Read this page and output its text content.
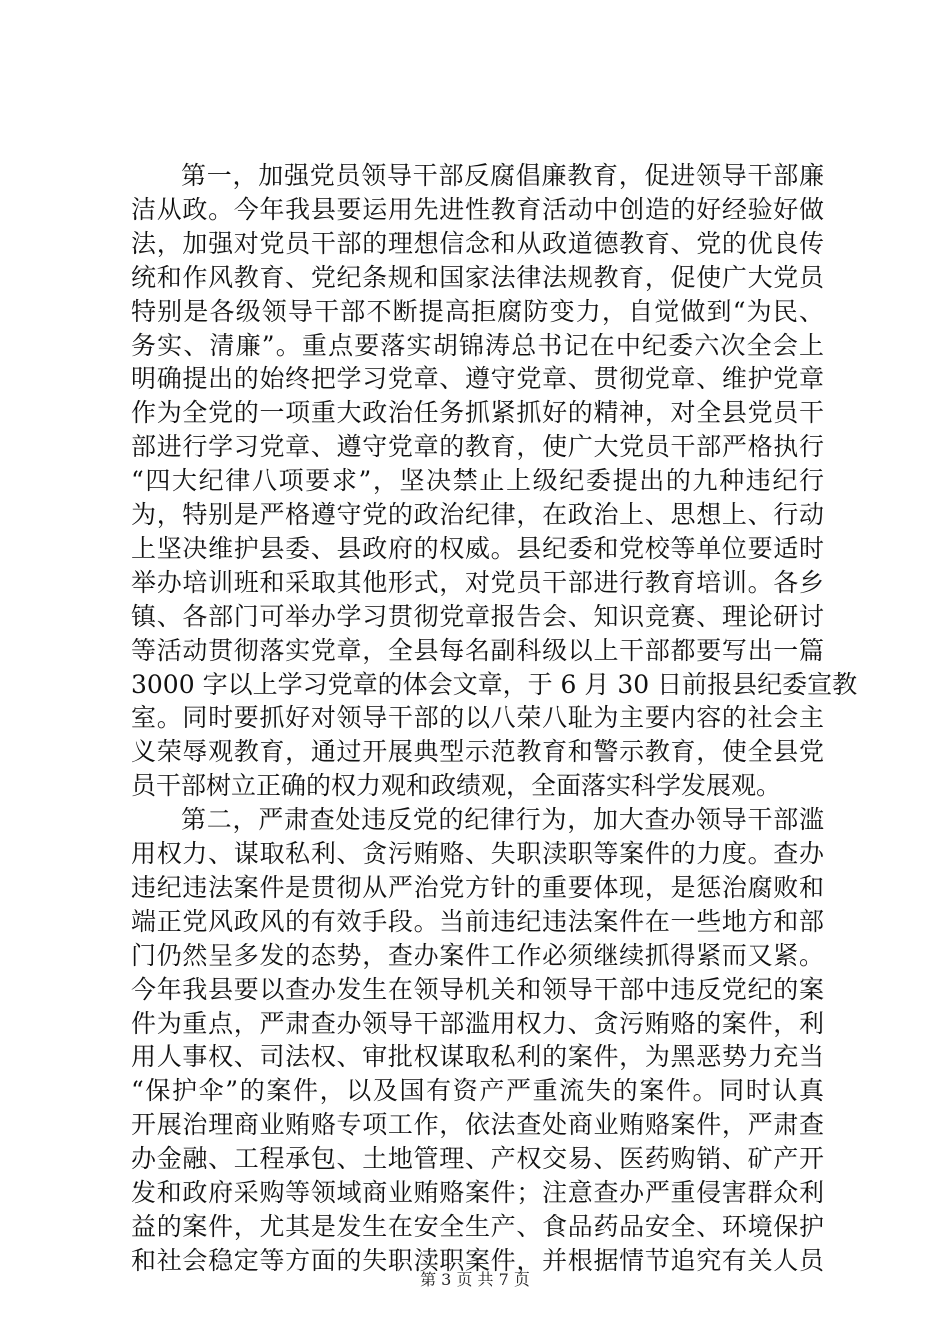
第一，加强党员领导干部反腐倡廉教育，促进领导干部廉

洁从政。今年我县要运用先进性教育活动中创造的好经验好做

法，加强对党员干部的理想信念和从政道德教育、党的优良传

统和作风教育、党纪条规和国家法律法规教育，促使广大党员

特别是各级领导干部不断提高拒腐防变力，自觉做到“为民、

务实、清廉”。重点要落实胡锦涛总书记在中纪委六次全会上

明确提出的始终把学习党章、遵守党章、贯彻党章、维护党章

作为全党的一项重大政治任务抓紧抓好的精神，对全县党员干

部进行学习党章、遵守党章的教育，使广大党员干部严格执行

“四大纪律八项要求”，坚决禁止上级纪委提出的九种违纪行

为，特别是严格遵守党的政治纪律，在政治上、思想上、行动

上坚决维护县委、县政府的权威。县纪委和党校等单位要适时

举办培训班和采取其他形式，对党员干部进行教育培训。各乡

镇、各部门可举办学习贯彻党章报告会、知识竞赛、理论研讨

等活动贯彻落实党章，全县每名副科级以上干部都要写出一篇

3000 字以上学习党章的体会文章，于 6 月 30 日前报县纪委宣教

室。同时要抓好对领导干部的以八荣八耻为主要内容的社会主

义荣辱观教育，通过开展典型示范教育和警示教育，使全县党

员干部树立正确的权力观和政绩观，全面落实科学发展观。

第二，严肃查处违反党的纪律行为，加大查办领导干部滥

用权力、谋取私利、贪污贿赂、失职渎职等案件的力度。查办

违纪违法案件是贯彻从严治党方针的重要体现，是惩治腐败和

端正党风政风的有效手段。当前违纪违法案件在一些地方和部

门仍然呈多发的态势，查办案件工作必须继续抓得紧而又紧。

今年我县要以查办发生在领导机关和领导干部中违反党纪的案

件为重点，严肃查办领导干部滥用权力、贪污贿赂的案件，利

用人事权、司法权、审批权谋取私利的案件，为黑恶势力充当

“保护伞”的案件，以及国有资产严重流失的案件。同时认真

开展治理商业贿赂专项工作，依法查处商业贿赂案件，严肃查

办金融、工程承包、土地管理、产权交易、医药购销、矿产开

发和政府采购等领域商业贿赂案件；注意查办严重侵害群众利

益的案件，尤其是发生在安全生产、食品药品安全、环境保护

和社会稳定等方面的失职渎职案件，并根据情节追究有关人员

第 3 页 共 7 页
